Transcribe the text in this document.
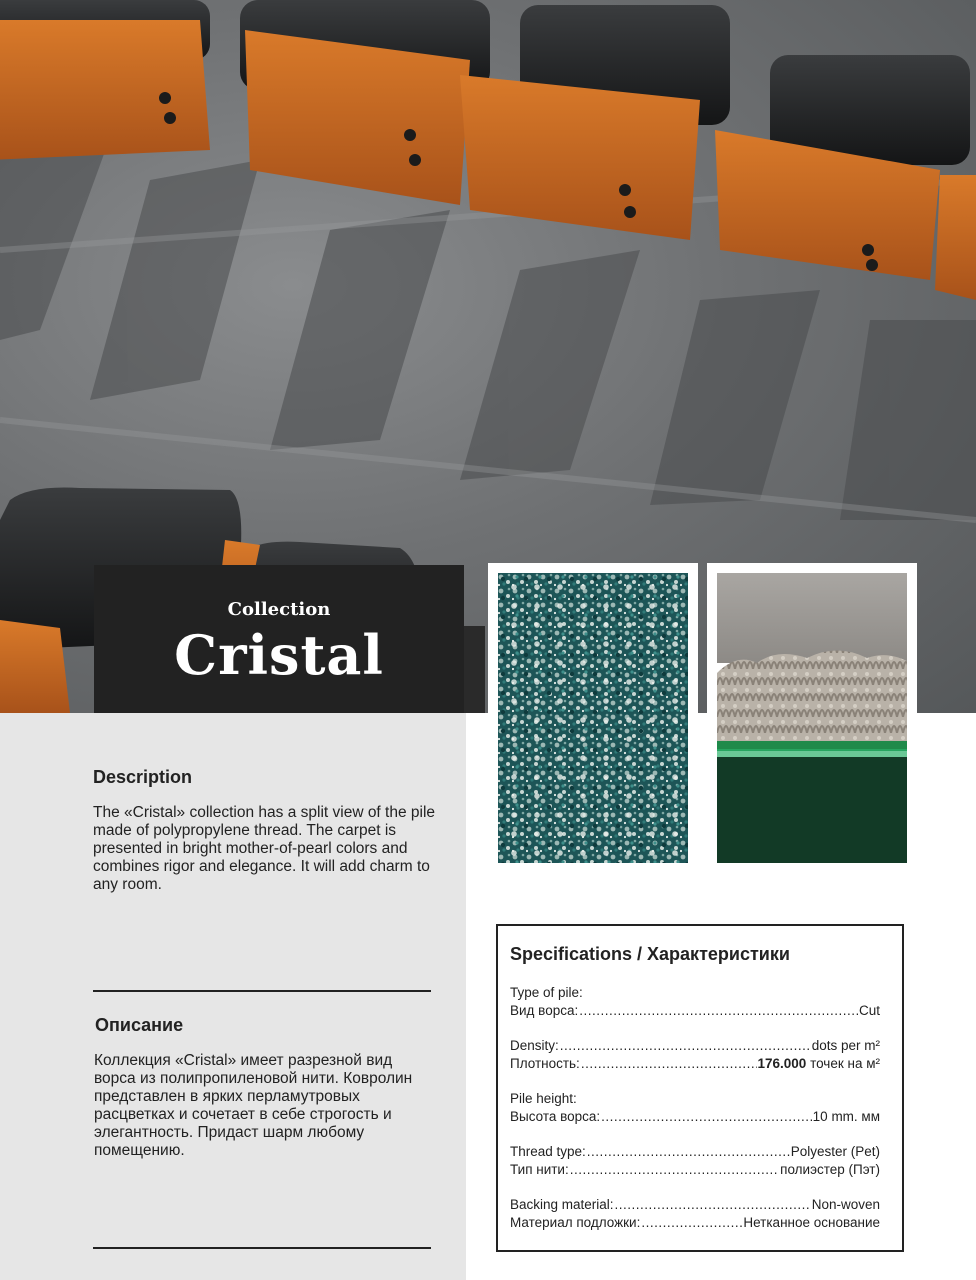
Collection
Cristal
Description

The «Cristal» collection has a split view of the pile made of polypropylene thread. The carpet is presented in bright mother-of-pearl colors and combines rigor and elegance. It will add charm to any room.

Описание

Коллекция «Cristal» имеет разрезной вид ворса из полипропиленовой нити. Ковролин представлен в ярких перламутровых расцветках и сочетает в себе строгость и элегантность. Придаст шарм любому помещению.

Specifications / Характеристики
Type of pile:
Вид ворса: .....	Cut
Density: .....	dots per m²
Плотность: .....	176.000 точек на м²
Pile height:
Высота ворса: .....	10 mm. мм
Thread type: .....	Polyester (Pet)
Тип нити: .....	полиэстер (Пэт)
Backing material: .....	Non-woven
Материал подложки: .....	Нетканное основание
